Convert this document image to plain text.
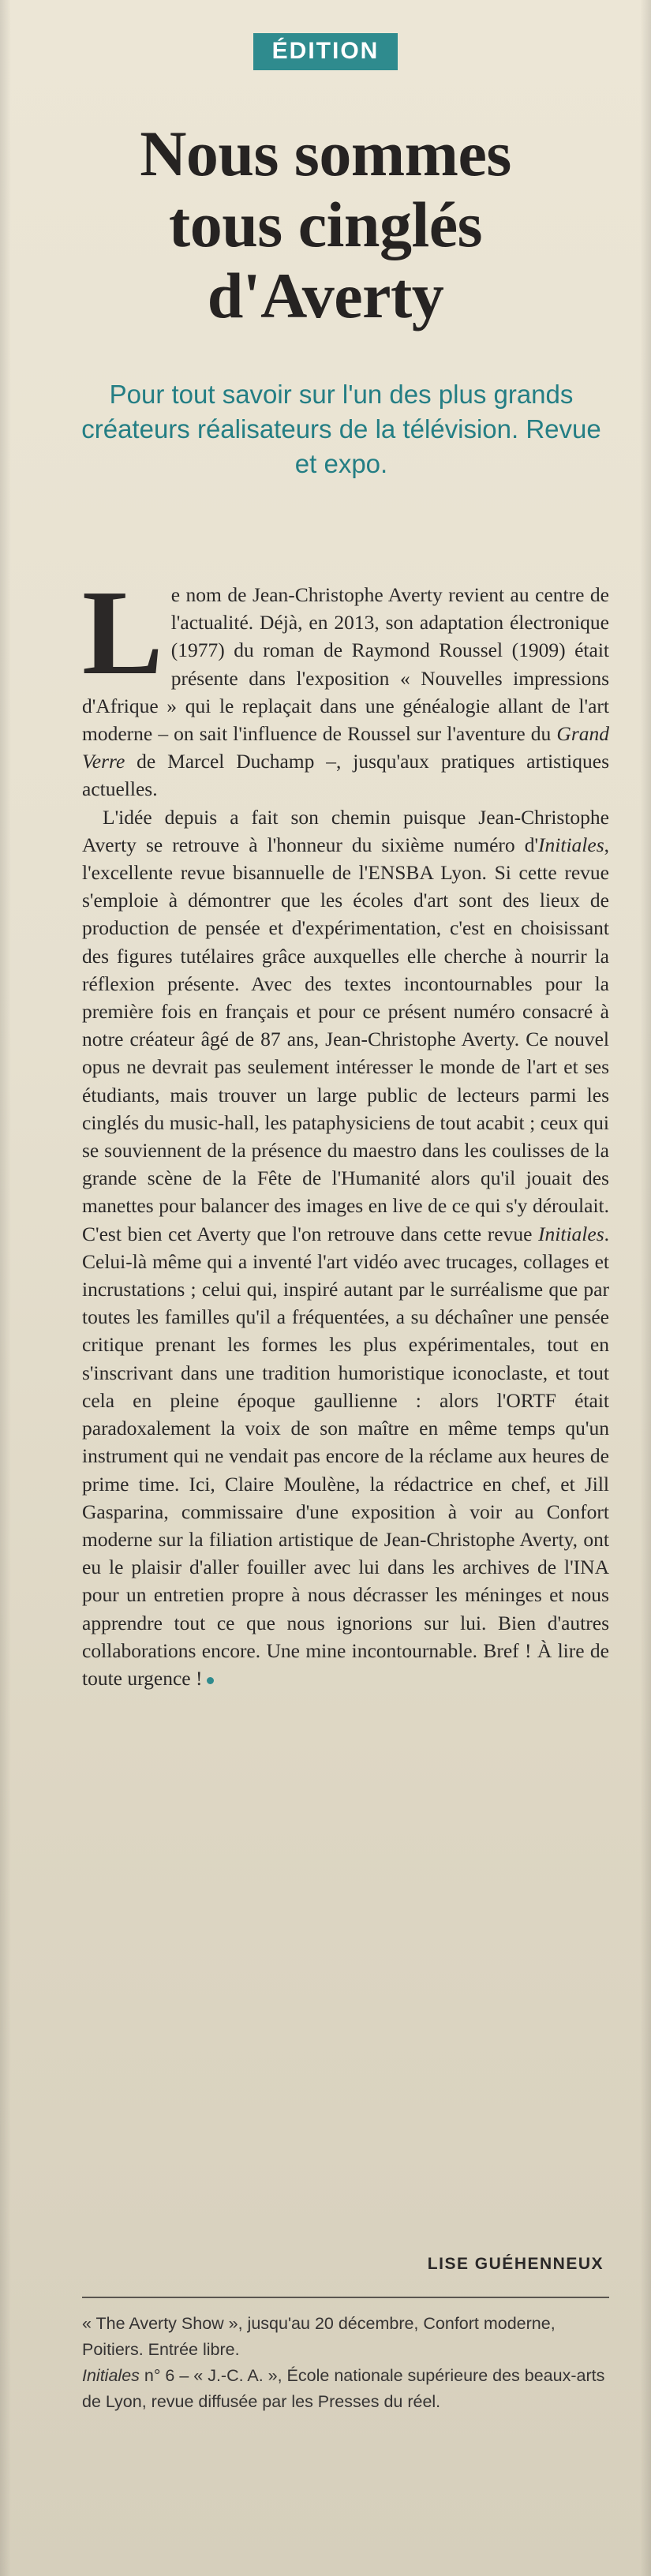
ÉDITION
Nous sommes
tous cinglés
d'Averty
Pour tout savoir sur l'un des plus grands créateurs réalisateurs de la télévision. Revue et expo.

Le nom de Jean-Christophe Averty revient au centre de l'actualité. Déjà, en 2013, son adaptation électronique (1977) du roman de Raymond Roussel (1909) était présente dans l'exposition « Nouvelles impressions d'Afrique » qui le replaçait dans une généalogie allant de l'art moderne – on sait l'influence de Roussel sur l'aventure du Grand Verre de Marcel Duchamp –, jusqu'aux pratiques artistiques actuelles.

L'idée depuis a fait son chemin puisque Jean-Christophe Averty se retrouve à l'honneur du sixième numéro d'Initiales, l'excellente revue bisannuelle de l'ENSBA Lyon. Si cette revue s'emploie à démontrer que les écoles d'art sont des lieux de production de pensée et d'expérimentation, c'est en choisissant des figures tutélaires grâce auxquelles elle cherche à nourrir la réflexion présente. Avec des textes incontournables pour la première fois en français et pour ce présent numéro consacré à notre créateur âgé de 87 ans, Jean-Christophe Averty. Ce nouvel opus ne devrait pas seulement intéresser le monde de l'art et ses étudiants, mais trouver un large public de lecteurs parmi les cinglés du music-hall, les pataphysiciens de tout acabit ; ceux qui se souviennent de la présence du maestro dans les coulisses de la grande scène de la Fête de l'Humanité alors qu'il jouait des manettes pour balancer des images en live de ce qui s'y déroulait. C'est bien cet Averty que l'on retrouve dans cette revue Initiales. Celui-là même qui a inventé l'art vidéo avec trucages, collages et incrustations ; celui qui, inspiré autant par le surréalisme que par toutes les familles qu'il a fréquentées, a su déchaîner une pensée critique prenant les formes les plus expérimentales, tout en s'inscrivant dans une tradition humoristique iconoclaste, et tout cela en pleine époque gaullienne : alors l'ORTF était paradoxalement la voix de son maître en même temps qu'un instrument qui ne vendait pas encore de la réclame aux heures de prime time. Ici, Claire Moulène, la rédactrice en chef, et Jill Gasparina, commissaire d'une exposition à voir au Confort moderne sur la filiation artistique de Jean-Christophe Averty, ont eu le plaisir d'aller fouiller avec lui dans les archives de l'INA pour un entretien propre à nous décrasser les méninges et nous apprendre tout ce que nous ignorions sur lui. Bien d'autres collaborations encore. Une mine incontournable. Bref ! À lire de toute urgence !

LISE GUÉHENNEUX

« The Averty Show », jusqu'au 20 décembre, Confort moderne, Poitiers. Entrée libre.

Initiales n° 6 – « J.-C. A. », École nationale supérieure des beaux-arts de Lyon, revue diffusée par les Presses du réel.
